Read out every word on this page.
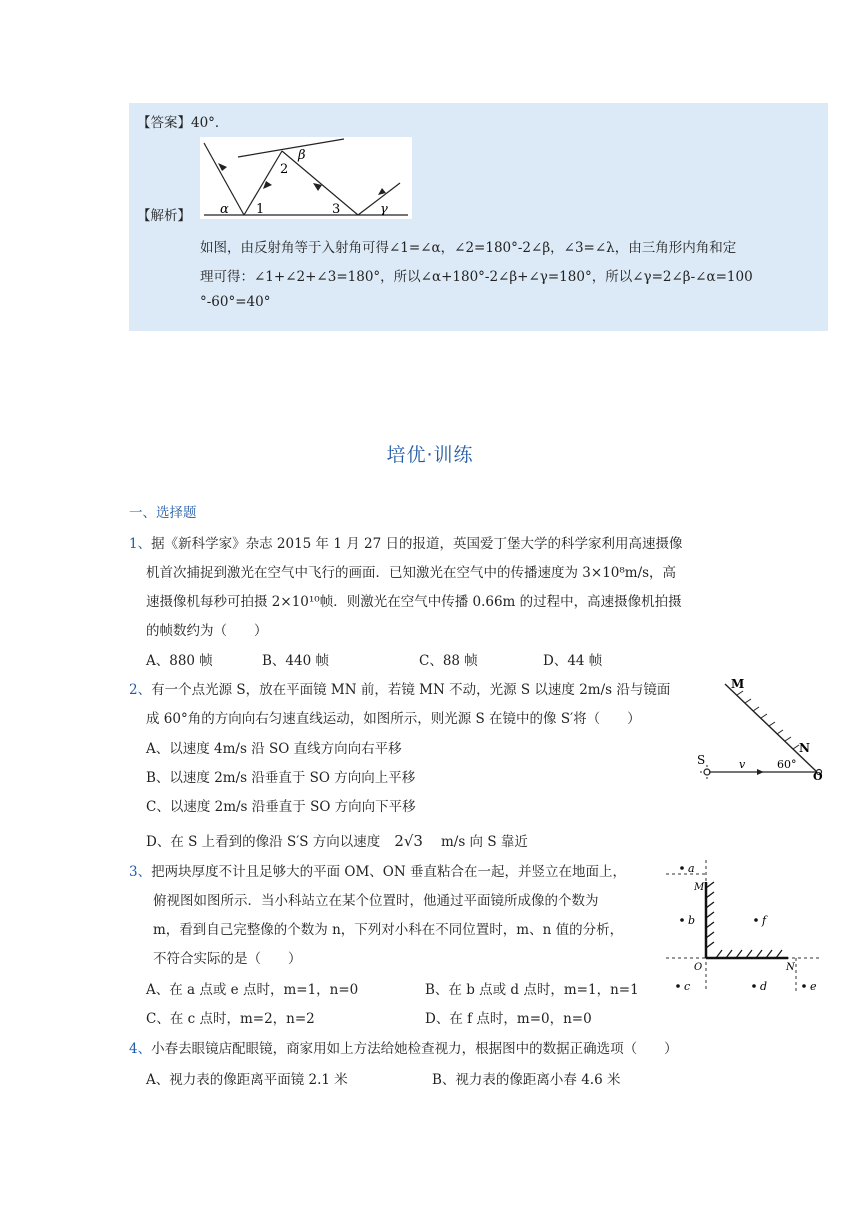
【答案】40°．
α 1
2
β
3	γ
【解析】
如图，由反射角等于入射角可得∠1=∠α，∠2=180°-2∠β，∠3=∠λ，由三角形内角和定
理可得：∠1+∠2+∠3=180°，所以∠α+180°-2∠β+∠γ=180°，所以∠γ=2∠β-∠α=100
°-60°=40°
培优·训练
一、选择题
1、据《新科学家》杂志 2015 年 1 月 27 日的报道，英国爱丁堡大学的科学家利用高速摄像
机首次捕捉到激光在空气中飞行的画面．已知激光在空气中的传播速度为 3×10⁸m/s，高
速摄像机每秒可拍摄 2×10¹⁰帧．则激光在空气中传播 0.66m 的过程中，高速摄像机拍摄
的帧数约为（　　）
A、880 帧	B、440 帧	C、88 帧	D、44 帧
2、有一个点光源 S，放在平面镜 MN 前，若镜 MN 不动，光源 S 以速度 2m/s 沿与镜面
成 60°角的方向向右匀速直线运动，如图所示，则光源 S 在镜中的像 S′将（　　）
A、以速度 4m/s 沿 SO 直线方向向右平移
B、以速度 2m/s 沿垂直于 SO 方向向上平移
C、以速度 2m/s 沿垂直于 SO 方向向下平移
D、在 S 上看到的像沿 S′S 方向以速度 2√3 m/s 向 S 靠近
M
N
S	v	60°
O
3、把两块厚度不计且足够大的平面 OM、ON 垂直粘合在一起，并竖立在地面上，
俯视图如图所示．当小科站立在某个位置时，他通过平面镜所成像的个数为
m，看到自己完整像的个数为 n，下列对小科在不同位置时，m、n 值的分析，
不符合实际的是（　　）
A、在 a 点或 e 点时，m=1，n=0	B、在 b 点或 d 点时，m=1，n=1
C、在 c 点时，m=2，n=2	D、在 f 点时，m=0，n=0
a
b
c	d	e
f
M
O	N
4、小春去眼镜店配眼镜，商家用如上方法给她检查视力，根据图中的数据正确选项（　　）
A、视力表的像距离平面镜 2.1 米	B、视力表的像距离小春 4.6 米
